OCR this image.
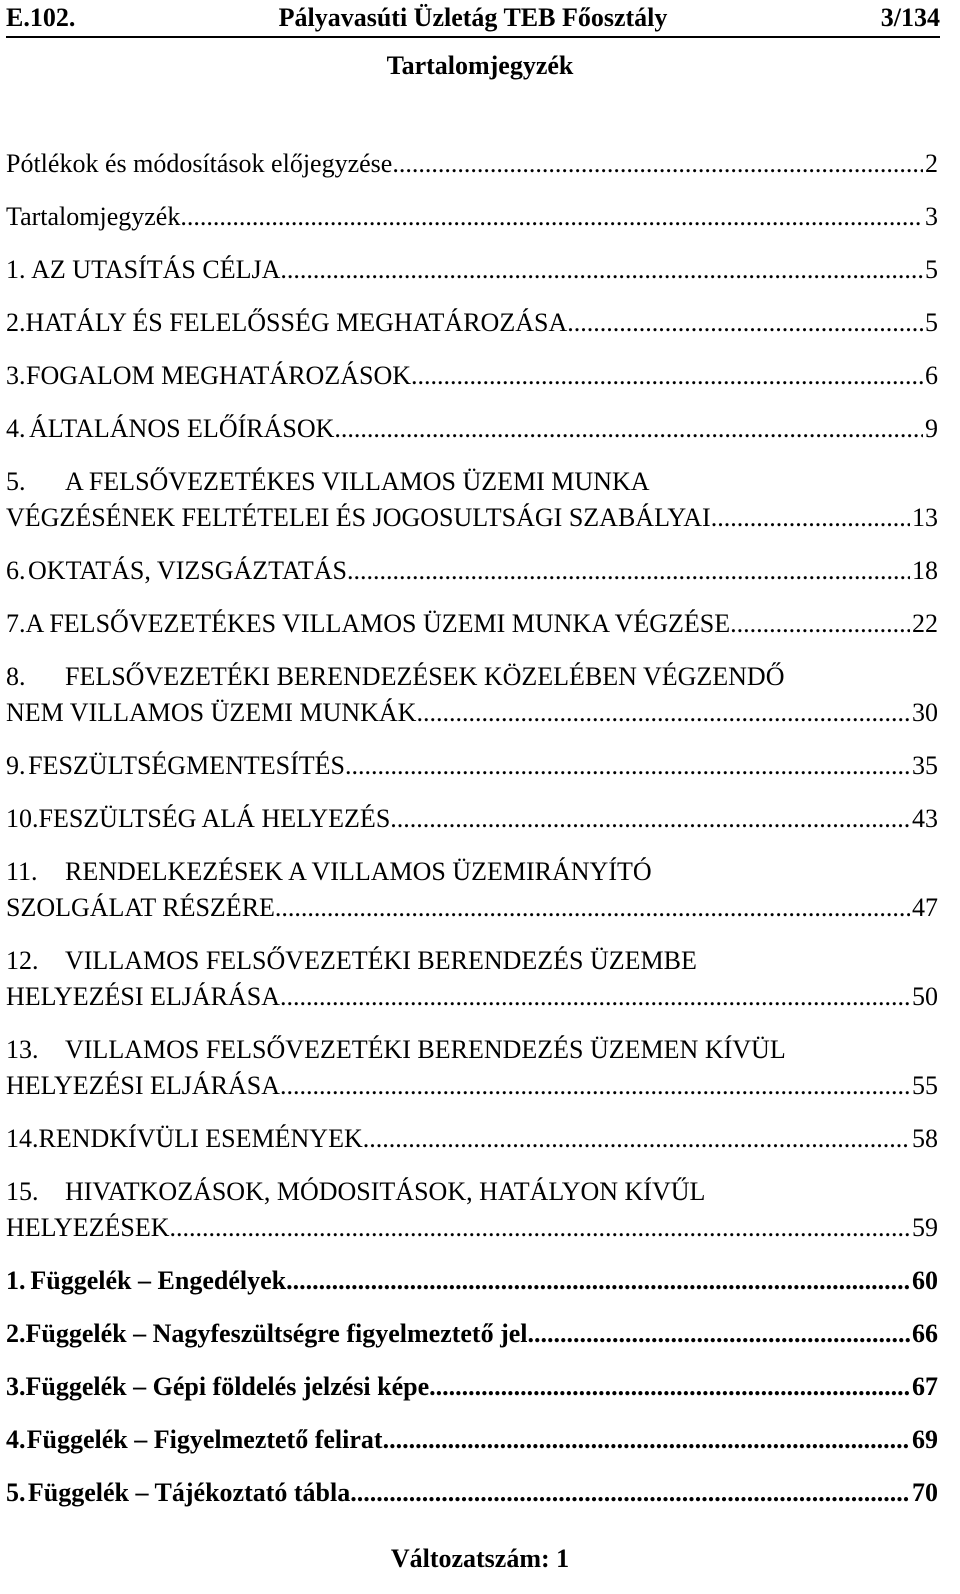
E.102.	Pályavasúti Üzletág TEB Főosztály	3/134
Tartalomjegyzék
Pótlékok és módosítások előjegyzése .....	2
Tartalomjegyzék .....	3
1. AZ UTASÍTÁS CÉLJA .....	5
2. HATÁLY ÉS FELELŐSSÉG MEGHATÁROZÁSA .....	5
3. FOGALOM MEGHATÁROZÁSOK .....	6
4. ÁLTALÁNOS ELŐÍRÁSOK .....	9
5. A FELSŐVEZETÉKES VILLAMOS ÜZEMI MUNKA
VÉGZÉSÉNEK FELTÉTELEI ÉS JOGOSULTSÁGI SZABÁLYAI .....	13
6. OKTATÁS, VIZSGÁZTATÁS .....	18
7. A FELSŐVEZETÉKES VILLAMOS ÜZEMI MUNKA VÉGZÉSE .....	22
8. FELSŐVEZETÉKI BERENDEZÉSEK KÖZELÉBEN VÉGZENDŐ
NEM VILLAMOS ÜZEMI MUNKÁK .....	30
9. FESZÜLTSÉGMENTESÍTÉS .....	35
10. FESZÜLTSÉG ALÁ HELYEZÉS .....	43
11. RENDELKEZÉSEK A VILLAMOS ÜZEMIRÁNYÍTÓ
SZOLGÁLAT RÉSZÉRE .....	47
12. VILLAMOS FELSŐVEZETÉKI BERENDEZÉS ÜZEMBE
HELYEZÉSI ELJÁRÁSA .....	50
13. VILLAMOS FELSŐVEZETÉKI BERENDEZÉS ÜZEMEN KÍVÜL
HELYEZÉSI ELJÁRÁSA .....	55
14. RENDKÍVÜLI ESEMÉNYEK .....	58
15. HIVATKOZÁSOK, MÓDOSITÁSOK, HATÁLYON KÍVŰL
HELYEZÉSEK .....	59
1. Függelék – Engedélyek .....	60
2. Függelék – Nagyfeszültségre figyelmeztető jel .....	66
3. Függelék – Gépi földelés jelzési képe .....	67
4. Függelék – Figyelmeztető felirat .....	69
5. Függelék – Tájékoztató tábla .....	70
Változatszám: 1
